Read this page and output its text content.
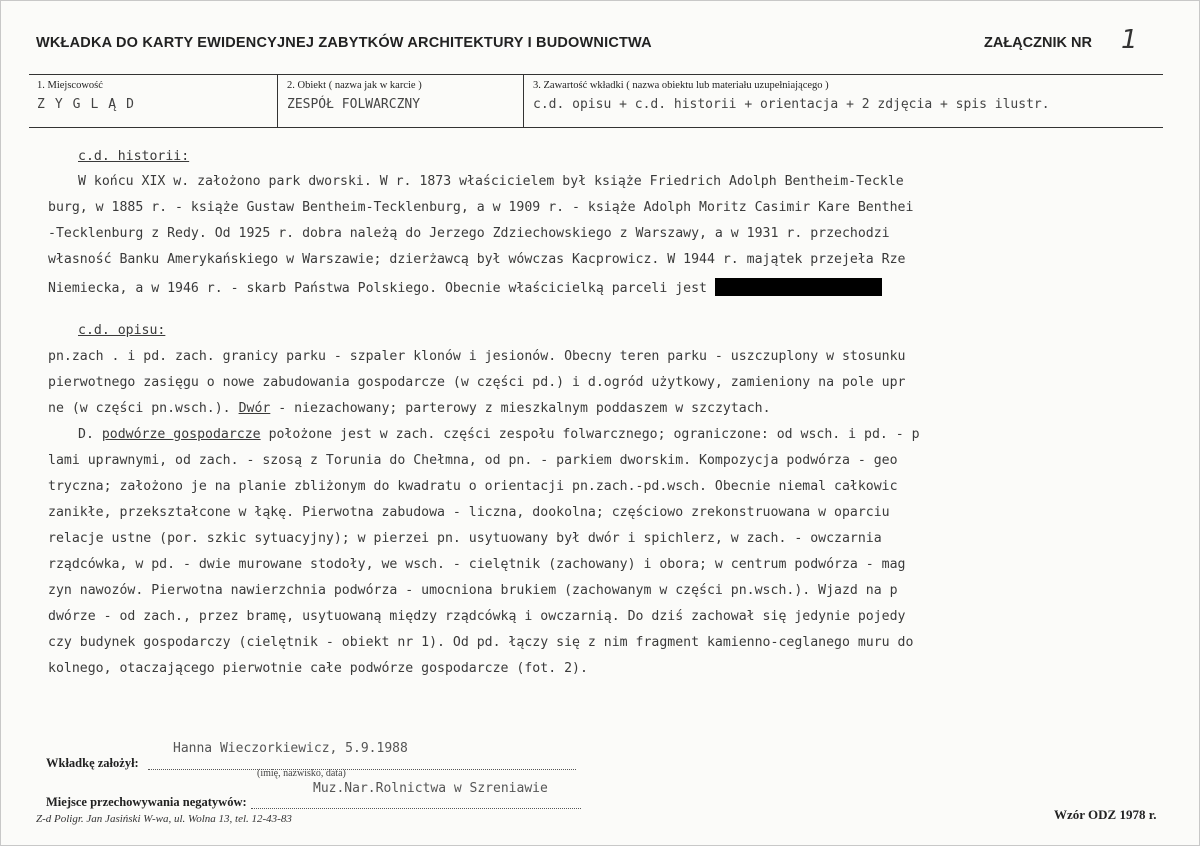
WKŁADKA DO KARTY EWIDENCYJNEJ ZABYTKÓW ARCHITEKTURY I BUDOWNICTWA	ZAŁĄCZNIK NR 1
1. Miejscowość
ZYGLĄD
2. Obiekt ( nazwa jak w karcie )
ZESPÓŁ FOLWARCZNY
3. Zawartość wkładki ( nazwa obiektu lub materiału uzupełniającego )
c.d. opisu + c.d. historii + orientacja + 2 zdjęcia + spis ilustr.
c.d. historii:
W końcu XIX w. założono park dworski. W r. 1873 właścicielem był książe Friedrich Adolph Bentheim-Teckle
burg, w 1885 r. - książe Gustaw Bentheim-Tecklenburg, a w 1909 r. - książe Adolph Moritz Casimir Kare Benthei
-Tecklenburg z Redy. Od 1925 r. dobra należą do Jerzego Zdziechowskiego z Warszawy, a w 1931 r. przechodzi
własność Banku Amerykańskiego w Warszawie; dzierżawcą był wówczas Kacprowicz. W 1944 r. majątek przejeła Rze
Niemiecka, a w 1946 r. - skarb Państwa Polskiego. Obecnie właścicielką parceli jest
c.d. opisu:
pn.zach . i pd. zach. granicy parku - szpaler klonów i jesionów. Obecny teren parku - uszczuplony w stosunku
pierwotnego zasięgu o nowe zabudowania gospodarcze (w części pd.) i d.ogród użytkowy, zamieniony na pole upr
ne (w części pn.wsch.). Dwór - niezachowany; parterowy z mieszkalnym poddaszem w szczytach.
D. podwórze gospodarcze położone jest w zach. części zespołu folwarcznego; ograniczone: od wsch. i pd. - p
lami uprawnymi, od zach. - szosą z Torunia do Chełmna, od pn. - parkiem dworskim. Kompozycja podwórza - geo
tryczna; założono je na planie zbliżonym do kwadratu o orientacji pn.zach.-pd.wsch. Obecnie niemal całkowic
zanikłe, przekształcone w łąkę. Pierwotna zabudowa - liczna, dookolna; częściowo zrekonstruowana w oparciu
relacje ustne (por. szkic sytuacyjny); w pierzei pn. usytuowany był dwór i spichlerz, w zach. - owczarnia
rządcówka, w pd. - dwie murowane stodoły, we wsch. - cielętnik (zachowany) i obora; w centrum podwórza - mag
zyn nawozów. Pierwotna nawierzchnia podwórza - umocniona brukiem (zachowanym w części pn.wsch.). Wjazd na p
dwórze - od zach., przez bramę, usytuowaną między rządcówką i owczarnią. Do dziś zachował się jedynie pojedy
czy budynek gospodarczy (cielętnik - obiekt nr 1). Od pd. łączy się z nim fragment kamienno-ceglanego muru do
kolnego, otaczającego pierwotnie całe podwórze gospodarcze (fot. 2).
Hanna Wieczorkiewicz, 5.9.1988
Wkładkę założył:
(imię, nazwisko, data)
Muz.Nar.Rolnictwa w Szreniawie
Miejsce przechowywania negatywów:
Z-d Poligr. Jan Jasiński W-wa, ul. Wolna 13, tel. 12-43-83	Wzór ODZ 1978 r.
